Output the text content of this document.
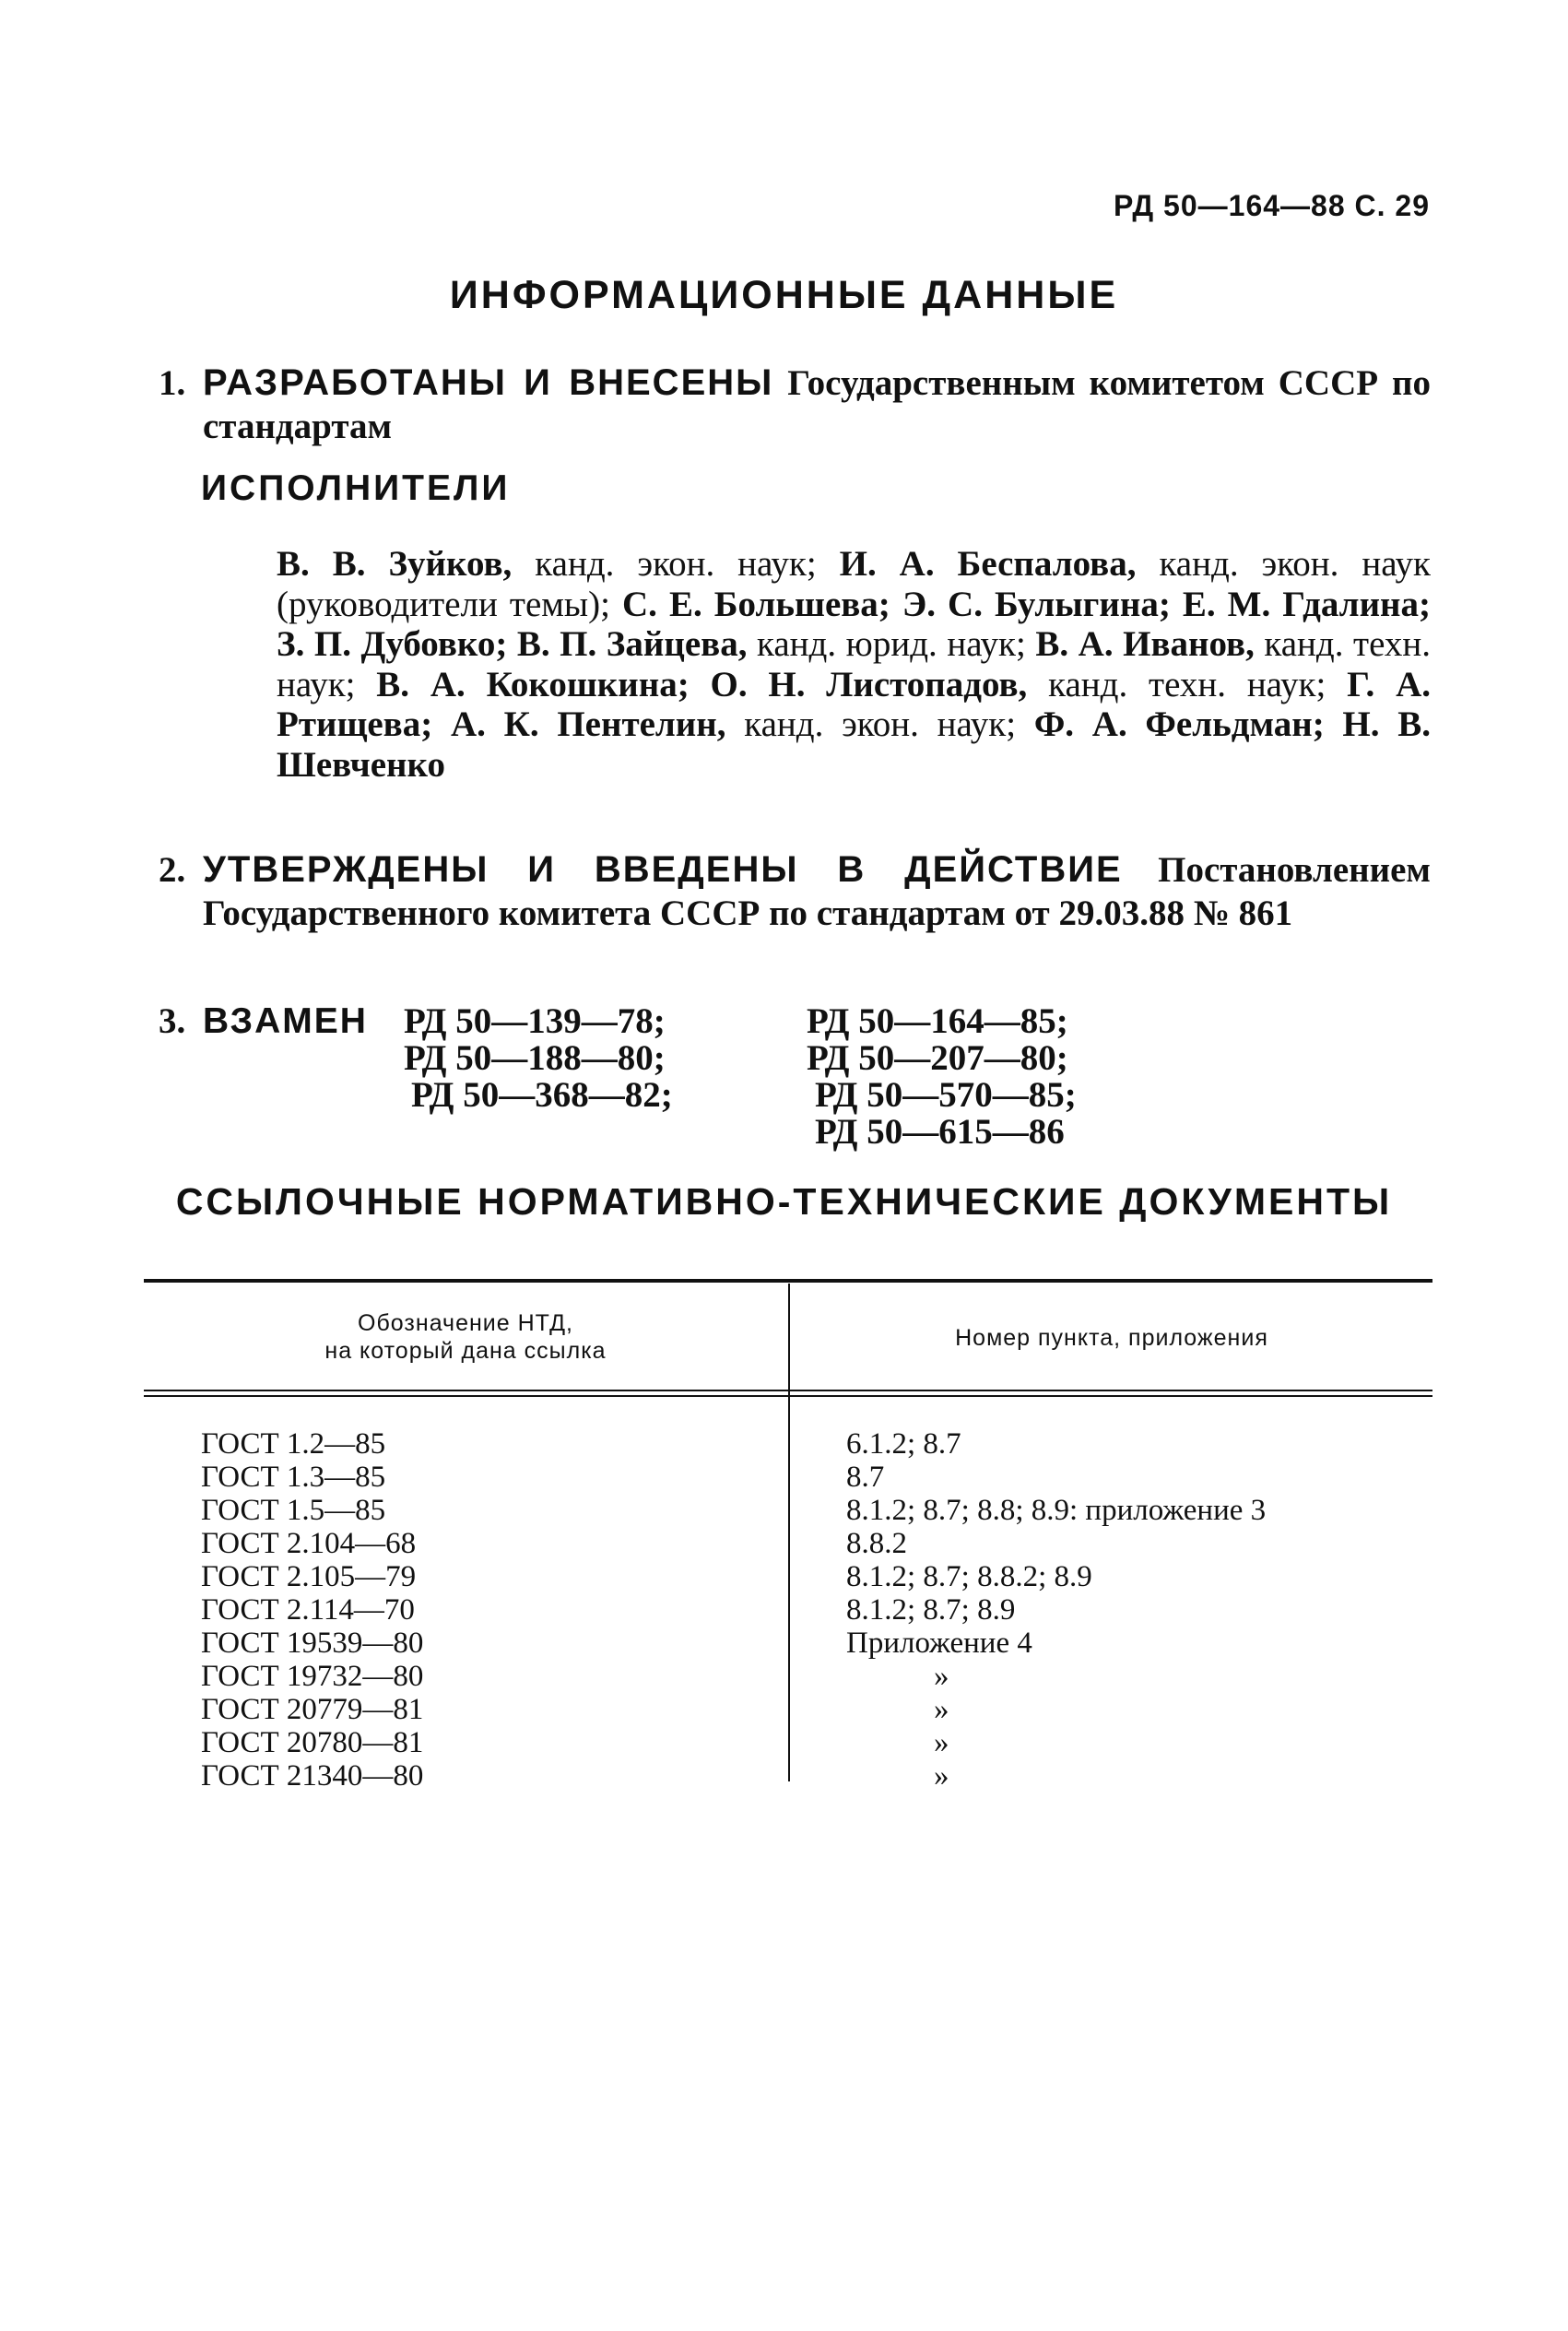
РД 50—164—88 С. 29
ИНФОРМАЦИОННЫЕ ДАННЫЕ
1. РАЗРАБОТАНЫ И ВНЕСЕНЫ Государственным комитетом СССР по стандартам
ИСПОЛНИТЕЛИ
В. В. Зуйков, канд. экон. наук; И. А. Беспалова, канд. экон. наук (руководители темы); С. Е. Большева; Э. С. Булыгина; Е. М. Гдалина; З. П. Дубовко; В. П. Зайцева, канд. юрид. наук; В. А. Иванов, канд. техн. наук; В. А. Кокошкина; О. Н. Листопадов, канд. техн. наук; Г. А. Ртищева; А. К. Пентелин, канд. экон. наук; Ф. А. Фельдман; Н. В. Шевченко
2. УТВЕРЖДЕНЫ И ВВЕДЕНЫ В ДЕЙСТВИЕ Постановлением Государственного комитета СССР по стандартам от 29.03.88 № 861
3. ВЗАМЕН РД 50—139—78;
РД 50—188—80;
РД 50—368—82;
РД 50—164—85;
РД 50—207—80;
РД 50—570—85;
РД 50—615—86
ССЫЛОЧНЫЕ НОРМАТИВНО-ТЕХНИЧЕСКИЕ ДОКУМЕНТЫ
Обозначение НТД,
на который дана ссылка	Номер пункта, приложения
ГОСТ 1.2—85
ГОСТ 1.3—85
ГОСТ 1.5—85
ГОСТ 2.104—68
ГОСТ 2.105—79
ГОСТ 2.114—70
ГОСТ 19539—80
ГОСТ 19732—80
ГОСТ 20779—81
ГОСТ 20780—81
ГОСТ 21340—80
6.1.2; 8.7
8.7
8.1.2; 8.7; 8.8; 8.9: приложение 3
8.8.2
8.1.2; 8.7; 8.8.2; 8.9
8.1.2; 8.7; 8.9
Приложение 4
»
»
»
»
